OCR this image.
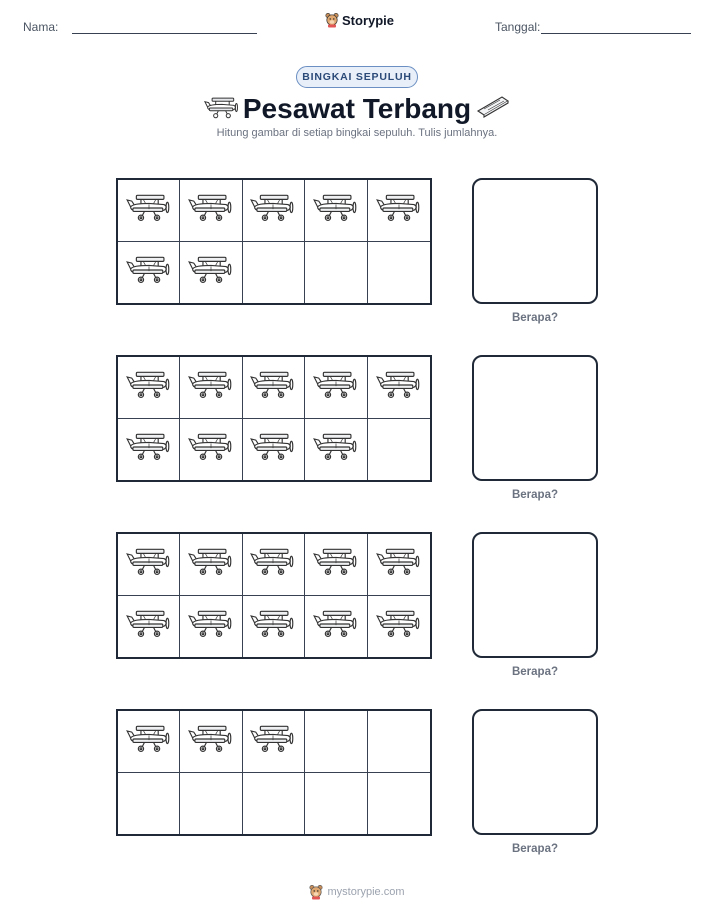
Nama:	Storypie	Tanggal:
BINGKAI SEPULUH
Pesawat Terbang
Hitung gambar di setiap bingkai sepuluh. Tulis jumlahnya.
Berapa?
Berapa?
Berapa?
Berapa?
mystorypie.com
